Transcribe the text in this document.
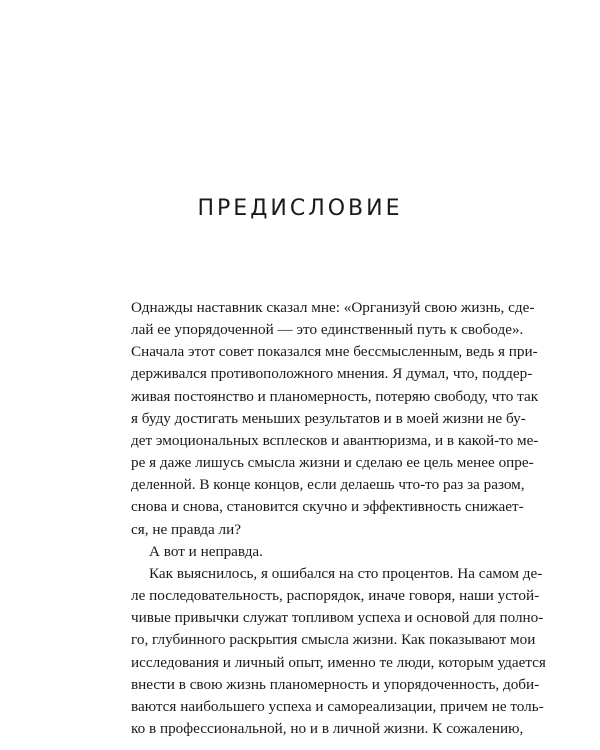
ПРЕДИСЛОВИЕ
Однажды наставник сказал мне: «Организуй свою жизнь, сде-
лай ее упорядоченной — это единственный путь к свободе».
Сначала этот совет показался мне бессмысленным, ведь я при-
держивался противоположного мнения. Я думал, что, поддер-
живая постоянство и планомерность, потеряю свободу, что так
я буду достигать меньших результатов и в моей жизни не бу-
дет эмоциональных всплесков и авантюризма, и в какой-то ме-
ре я даже лишусь смысла жизни и сделаю ее цель менее опре-
деленной. В конце концов, если делаешь что-то раз за разом,
снова и снова, становится скучно и эффективность снижает-
ся, не правда ли?
А вот и неправда.
Как выяснилось, я ошибался на сто процентов. На самом де-
ле последовательность, распорядок, иначе говоря, наши устой-
чивые привычки служат топливом успеха и основой для полно-
го, глубинного раскрытия смысла жизни. Как показывают мои
исследования и личный опыт, именно те люди, которым удается
внести в свою жизнь планомерность и упорядоченность, доби-
ваются наибольшего успеха и самореализации, причем не толь-
ко в профессиональной, но и в личной жизни. К сожалению,
